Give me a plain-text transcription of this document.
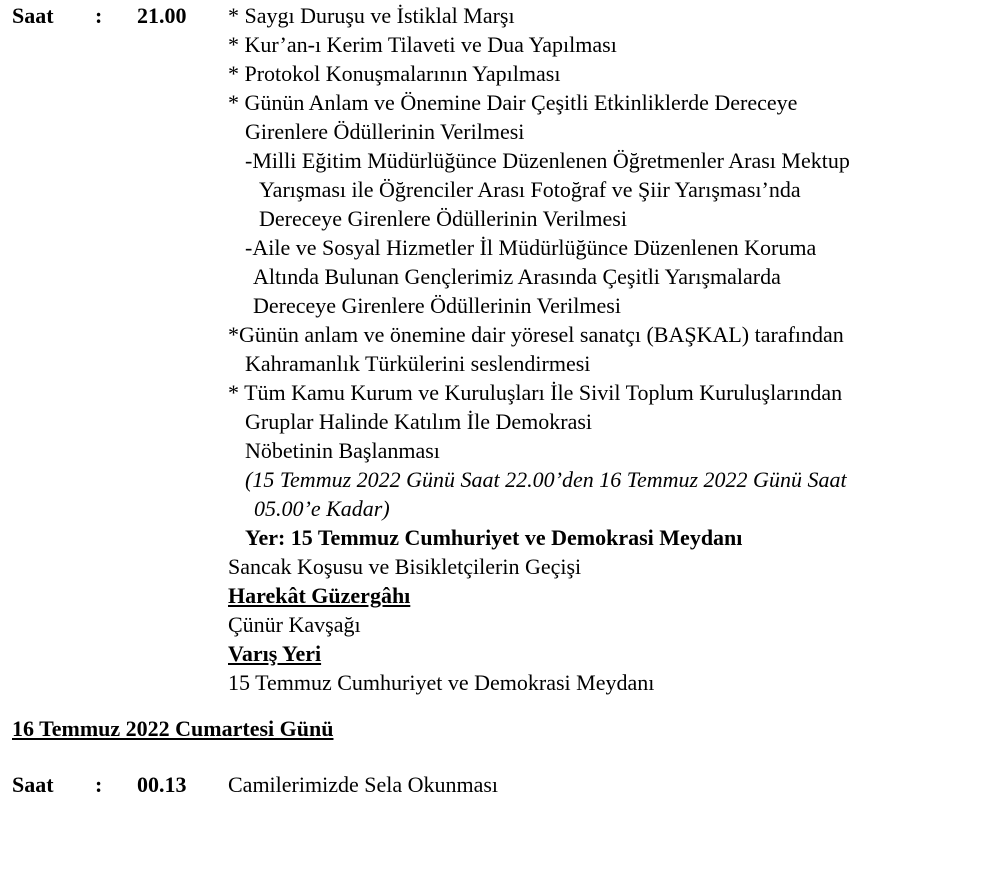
Saat : 21.00 * Saygı Duruşu ve İstiklal Marşı
* Kur’an-ı Kerim Tilaveti ve Dua Yapılması
* Protokol Konuşmalarının Yapılması
* Günün Anlam ve Önemine Dair Çeşitli Etkinliklerde Dereceye
Girenlere Ödüllerinin Verilmesi
-Milli Eğitim Müdürlüğünce Düzenlenen Öğretmenler Arası Mektup
Yarışması ile Öğrenciler Arası Fotoğraf ve Şiir Yarışması’nda
Dereceye Girenlere Ödüllerinin Verilmesi
-Aile ve Sosyal Hizmetler İl Müdürlüğünce Düzenlenen Koruma
Altında Bulunan Gençlerimiz Arasında Çeşitli Yarışmalarda
Dereceye Girenlere Ödüllerinin Verilmesi
*Günün anlam ve önemine dair yöresel sanatçı (BAŞKAL) tarafından
Kahramanlık Türkülerini seslendirmesi
* Tüm Kamu Kurum ve Kuruluşları İle Sivil Toplum Kuruluşlarından
Gruplar Halinde Katılım İle Demokrasi
Nöbetinin Başlanması
(15 Temmuz 2022 Günü Saat 22.00’den 16 Temmuz 2022 Günü Saat
05.00’e Kadar)
Yer: 15 Temmuz Cumhuriyet ve Demokrasi Meydanı
Sancak Koşusu ve Bisikletçilerin Geçişi
Harekât Güzergâhı
Çünür Kavşağı
Varış Yeri
15 Temmuz Cumhuriyet ve Demokrasi Meydanı
16 Temmuz 2022 Cumartesi Günü
Saat : 00.13 Camilerimizde Sela Okunması
